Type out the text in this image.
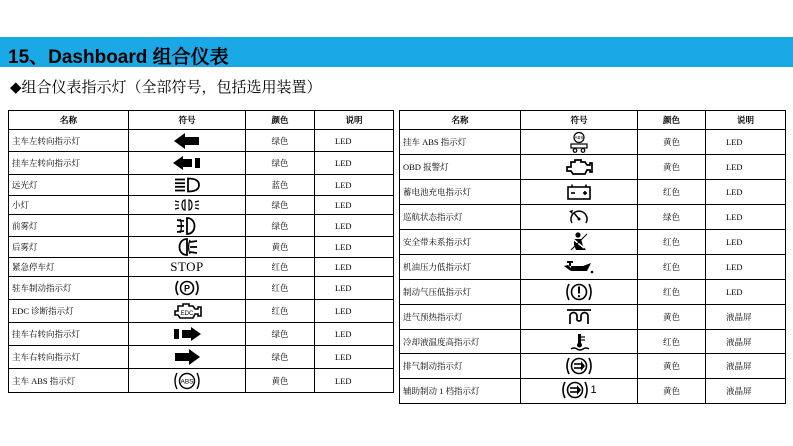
15、Dashboard 组合仪表
◆组合仪表指示灯（全部符号，包括选用装置）
名称	符号	颜色	说明
主车左转向指示灯		绿色	LED
挂车左转向指示灯		绿色	LED
远光灯		蓝色	LED
小灯		绿色	LED
前雾灯		绿色	LED
后雾灯		黄色	LED
紧急停车灯	STOP	红色	LED
驻车制动指示灯	P	红色	LED
EDC 诊断指示灯	EDC	红色	LED
挂车右转向指示灯		绿色	LED
主车右转向指示灯		绿色	LED
主车 ABS 指示灯	ABS	黄色	LED
名称	符号	颜色	说明
挂车 ABS 指示灯	ABS	黄色	LED
OBD 报警灯		黄色	LED
蓄电池充电指示灯		红色	LED
巡航状态指示灯		绿色	LED
安全带未系指示灯		红色	LED
机油压力低指示灯		红色	LED
制动气压低指示灯		红色	LED
进气预热指示灯		黄色	液晶屏
冷却液温度高指示灯		红色	液晶屏
排气制动指示灯		黄色	液晶屏
辅助制动 1 档指示灯	1	黄色	液晶屏
